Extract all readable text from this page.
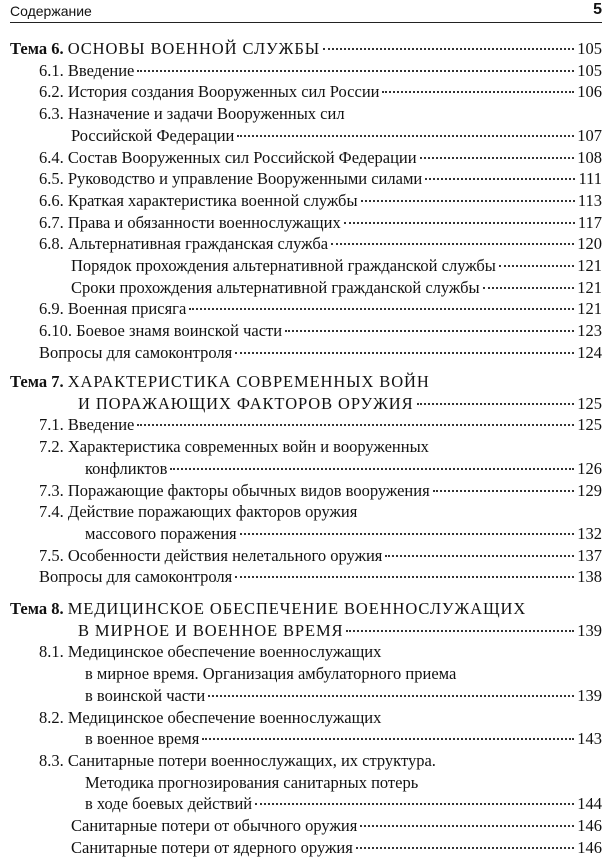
Содержание	5
Тема 6. ОСНОВЫ ВОЕННОЙ СЛУЖБЫ	105
6.1. Введение	105
6.2. История создания Вооруженных сил России	106
6.3. Назначение и задачи Вооруженных сил
Российской Федерации	107
6.4. Состав Вооруженных сил Российской Федерации	108
6.5. Руководство и управление Вооруженными силами	111
6.6. Краткая характеристика военной службы	113
6.7. Права и обязанности военнослужащих	117
6.8. Альтернативная гражданская служба	120
Порядок прохождения альтернативной гражданской службы	121
Сроки прохождения альтернативной гражданской службы	121
6.9. Военная присяга	121
6.10. Боевое знамя воинской части	123
Вопросы для самоконтроля	124
Тема 7. ХАРАКТЕРИСТИКА СОВРЕМЕННЫХ ВОЙН
И ПОРАЖАЮЩИХ ФАКТОРОВ ОРУЖИЯ	125
7.1. Введение	125
7.2. Характеристика современных войн и вооруженных
конфликтов	126
7.3. Поражающие факторы обычных видов вооружения	129
7.4. Действие поражающих факторов оружия
массового поражения	132
7.5. Особенности действия нелетального оружия	137
Вопросы для самоконтроля	138
Тема 8. МЕДИЦИНСКОЕ ОБЕСПЕЧЕНИЕ ВОЕННОСЛУЖАЩИХ
В МИРНОЕ И ВОЕННОЕ ВРЕМЯ	139
8.1. Медицинское обеспечение военнослужащих
в мирное время. Организация амбулаторного приема
в воинской части	139
8.2. Медицинское обеспечение военнослужащих
в военное время	143
8.3. Санитарные потери военнослужащих, их структура.
Методика прогнозирования санитарных потерь
в ходе боевых действий	144
Санитарные потери от обычного оружия	146
Санитарные потери от ядерного оружия	146
